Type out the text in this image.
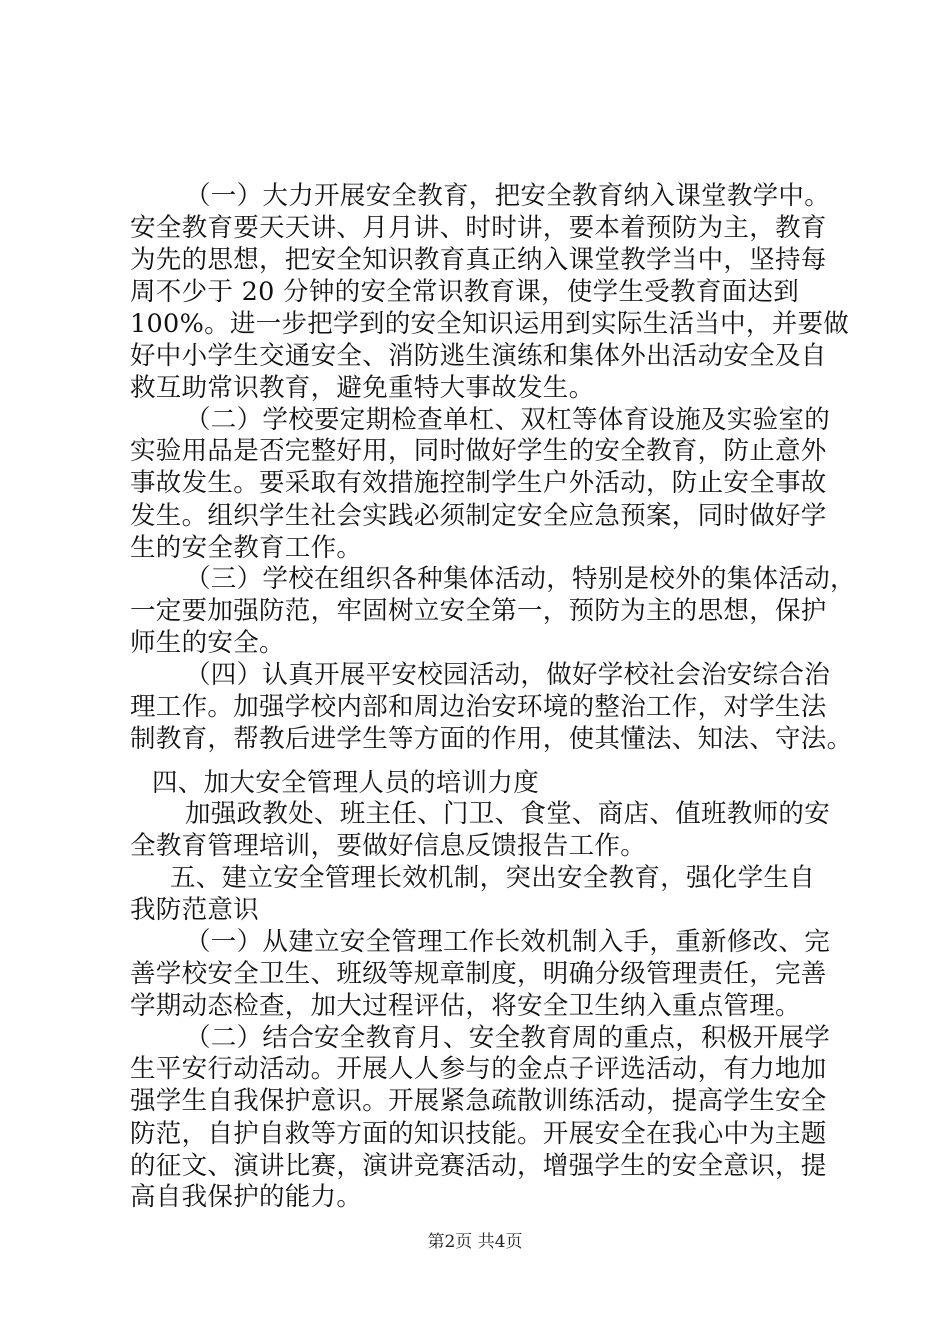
（一）大力开展安全教育，把安全教育纳入课堂教学中。
安全教育要天天讲、月月讲、时时讲，要本着预防为主，教育
为先的思想，把安全知识教育真正纳入课堂教学当中，坚持每
周不少于 20 分钟的安全常识教育课，使学生受教育面达到
100%。进一步把学到的安全知识运用到实际生活当中，并要做
好中小学生交通安全、消防逃生演练和集体外出活动安全及自
救互助常识教育，避免重特大事故发生。
（二）学校要定期检查单杠、双杠等体育设施及实验室的
实验用品是否完整好用，同时做好学生的安全教育，防止意外
事故发生。要采取有效措施控制学生户外活动，防止安全事故
发生。组织学生社会实践必须制定安全应急预案，同时做好学
生的安全教育工作。
（三）学校在组织各种集体活动，特别是校外的集体活动，
一定要加强防范，牢固树立安全第一，预防为主的思想，保护
师生的安全。
（四）认真开展平安校园活动，做好学校社会治安综合治
理工作。加强学校内部和周边治安环境的整治工作，对学生法
制教育，帮教后进学生等方面的作用，使其懂法、知法、守法。
四、加大安全管理人员的培训力度
加强政教处、班主任、门卫、食堂、商店、值班教师的安
全教育管理培训，要做好信息反馈报告工作。
五、建立安全管理长效机制，突出安全教育，强化学生自
我防范意识
（一）从建立安全管理工作长效机制入手，重新修改、完
善学校安全卫生、班级等规章制度，明确分级管理责任，完善
学期动态检查，加大过程评估，将安全卫生纳入重点管理。
（二）结合安全教育月、安全教育周的重点，积极开展学
生平安行动活动。开展人人参与的金点子评选活动，有力地加
强学生自我保护意识。开展紧急疏散训练活动，提高学生安全
防范，自护自救等方面的知识技能。开展安全在我心中为主题
的征文、演讲比赛，演讲竞赛活动，增强学生的安全意识，提
高自我保护的能力。
第2页 共4页
